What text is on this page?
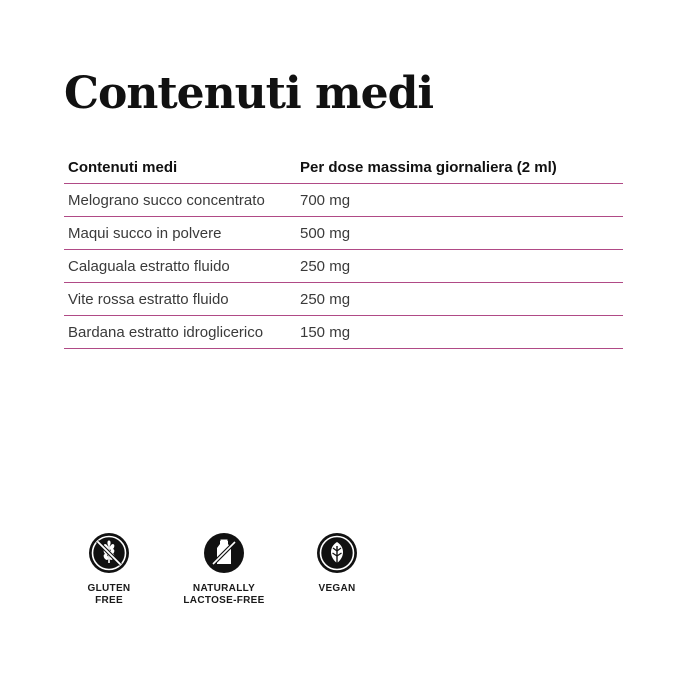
Contenuti medi
Contenuti medi	Per dose massima giornaliera (2 ml)
Melograno succo concentrato	700 mg
Maqui succo in polvere	500 mg
Calaguala estratto fluido	250 mg
Vite rossa estratto fluido	250 mg
Bardana estratto idroglicerico	150 mg
GLUTEN
FREE
NATURALLY
LACTOSE-FREE
VEGAN
